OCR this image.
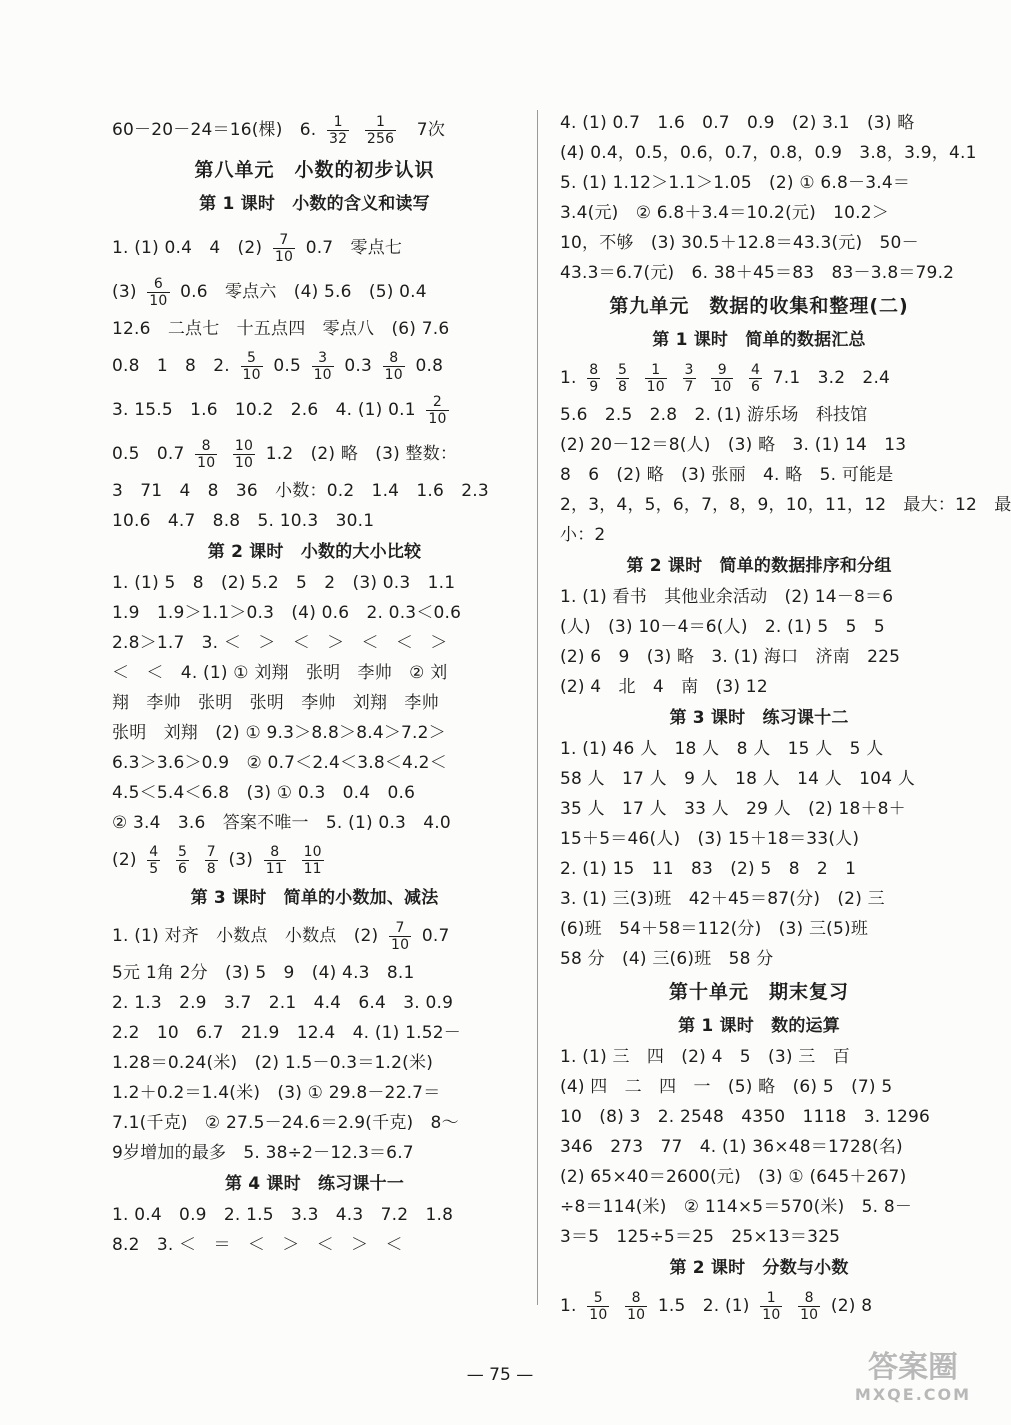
60－20－24＝16(棵)　6. $\frac{1}{32}$
$\frac{1}{256} 7$次
第八单元　小数的初步认识
第 1 课时　小数的含义和读写
1. (1) 0.4　4　$(2) \frac{7}{10} 0.7$　零点七
$(3) \frac{6}{10} 0.6$　零点六　(4) 5.6　(5) 0.4
12.6　二点七　十五点四　零点八　(6) 7.6
0.8　1　8　2. $\frac{5}{10} 0.5 \frac{3}{10} 0.3 \frac{8}{10} 0.8$
3. 15.5　1.6　10.2　2.6　4. (1) $0.1 \frac{2}{10}$
0.5　$0.7 \frac{8}{10}$
$\frac{10}{10} 1.2$　(2) 略　(3) 整数：
3　71　4　8　36　小数：0.2　1.4　1.6　2.3
10.6　4.7　8.8　5. 10.3　30.1
第 2 课时　小数的大小比较
1. (1) 5　8　(2) 5.2　5　2　(3) 0.3　1.1
1.9　1.9＞1.1＞0.3　(4) 0.6　2. 0.3＜0.6
2.8＞1.7　3. ＜　＞　＜　＞　＜　＜　＞
＜　＜　4. (1) ① 刘翔　张明　李帅　② 刘
翔　李帅　张明　张明　李帅　刘翔　李帅
张明　刘翔　(2) ① 9.3＞8.8＞8.4＞7.2＞
6.3＞3.6＞0.9　② 0.7＜2.4＜3.8＜4.2＜
4.5＜5.4＜6.8　(3) ① 0.3　0.4　0.6
② 3.4　3.6　答案不唯一　5. (1) 0.3　4.0
$(2) \frac{4}{5}$
$\frac{5}{6}$
$\frac{7}{8} (3) \frac{8}{11}$
$\frac{10}{11}$
第 3 课时　简单的小数加、减法
1. (1) 对齐　小数点　小数点　$(2) \frac{7}{10} 0.7$
5元 1角 2分　(3) 5　9　(4) 4.3　8.1
2. 1.3　2.9　3.7　2.1　4.4　6.4　3. 0.9
2.2　10　6.7　21.9　12.4　4. (1) 1.52－
1.28＝0.24(米)　(2) 1.5－0.3＝1.2(米)
1.2＋0.2＝1.4(米)　(3) ① 29.8－22.7＝
7.1(千克)　② 27.5－24.6＝2.9(千克)　8～
9岁增加的最多　5. 38÷2－12.3＝6.7
第 4 课时　练习课十一
1. 0.4　0.9　2. 1.5　3.3　4.3　7.2　1.8
8.2　3. ＜　＝　＜　＞　＜　＞　＜
4. (1) 0.7　1.6　0.7　0.9　(2) 3.1　(3) 略
(4) 0.4，0.5，0.6，0.7，0.8，0.9　3.8，3.9，4.1
5. (1) 1.12＞1.1＞1.05　(2) ① 6.8－3.4＝
3.4(元)　② 6.8＋3.4＝10.2(元)　10.2＞
10，不够　(3) 30.5＋12.8＝43.3(元)　50－
43.3＝6.7(元)　6. 38＋45＝83　83－3.8＝79.2
第九单元　数据的收集和整理(二)
第 1 课时　简单的数据汇总
1. $\frac{8}{9}$
$\frac{5}{8}$
$\frac{1}{10}$
$\frac{3}{7}$
$\frac{9}{10}$
$\frac{4}{6} 7.1$　3.2　2.4
5.6　2.5　2.8　2. (1) 游乐场　科技馆
(2) 20－12＝8(人)　(3) 略　3. (1) 14　13
8　6　(2) 略　(3) 张丽　4. 略　5. 可能是
2，3，4，5，6，7，8，9，10，11，12　最大：12　最
小：2
第 2 课时　简单的数据排序和分组
1. (1) 看书　其他业余活动　(2) 14－8＝6
(人)　(3) 10－4＝6(人)　2. (1) 5　5　5
(2) 6　9　(3) 略　3. (1) 海口　济南　225
(2) 4　北　4　南　(3) 12
第 3 课时　练习课十二
1. (1) 46 人　18 人　8 人　15 人　5 人
58 人　17 人　9 人　18 人　14 人　104 人
35 人　17 人　33 人　29 人　(2) 18＋8＋
15＋5＝46(人)　(3) 15＋18＝33(人)
2. (1) 15　11　83　(2) 5　8　2　1
3. (1) 三(3)班　42＋45＝87(分)　(2) 三
(6)班　54＋58＝112(分)　(3) 三(5)班
58 分　(4) 三(6)班　58 分
第十单元　期末复习
第 1 课时　数的运算
1. (1) 三　四　(2) 4　5　(3) 三　百
(4) 四　二　四　一　(5) 略　(6) 5　(7) 5
10　(8) 3　2. 2548　4350　1118　3. 1296
346　273　77　4. (1) 36×48＝1728(名)
(2) 65×40＝2600(元)　(3) ① (645＋267)
÷8＝114(米)　② 114×5＝570(米)　5. 8－
3＝5　125÷5＝25　25×13＝325
第 2 课时　分数与小数
1. $\frac{5}{10}$
$\frac{8}{10} 1.5$　2. $(1) \frac{1}{10}$
$\frac{8}{10} (2)$ 8
— 75 —	答案圈
MXQE.COM
